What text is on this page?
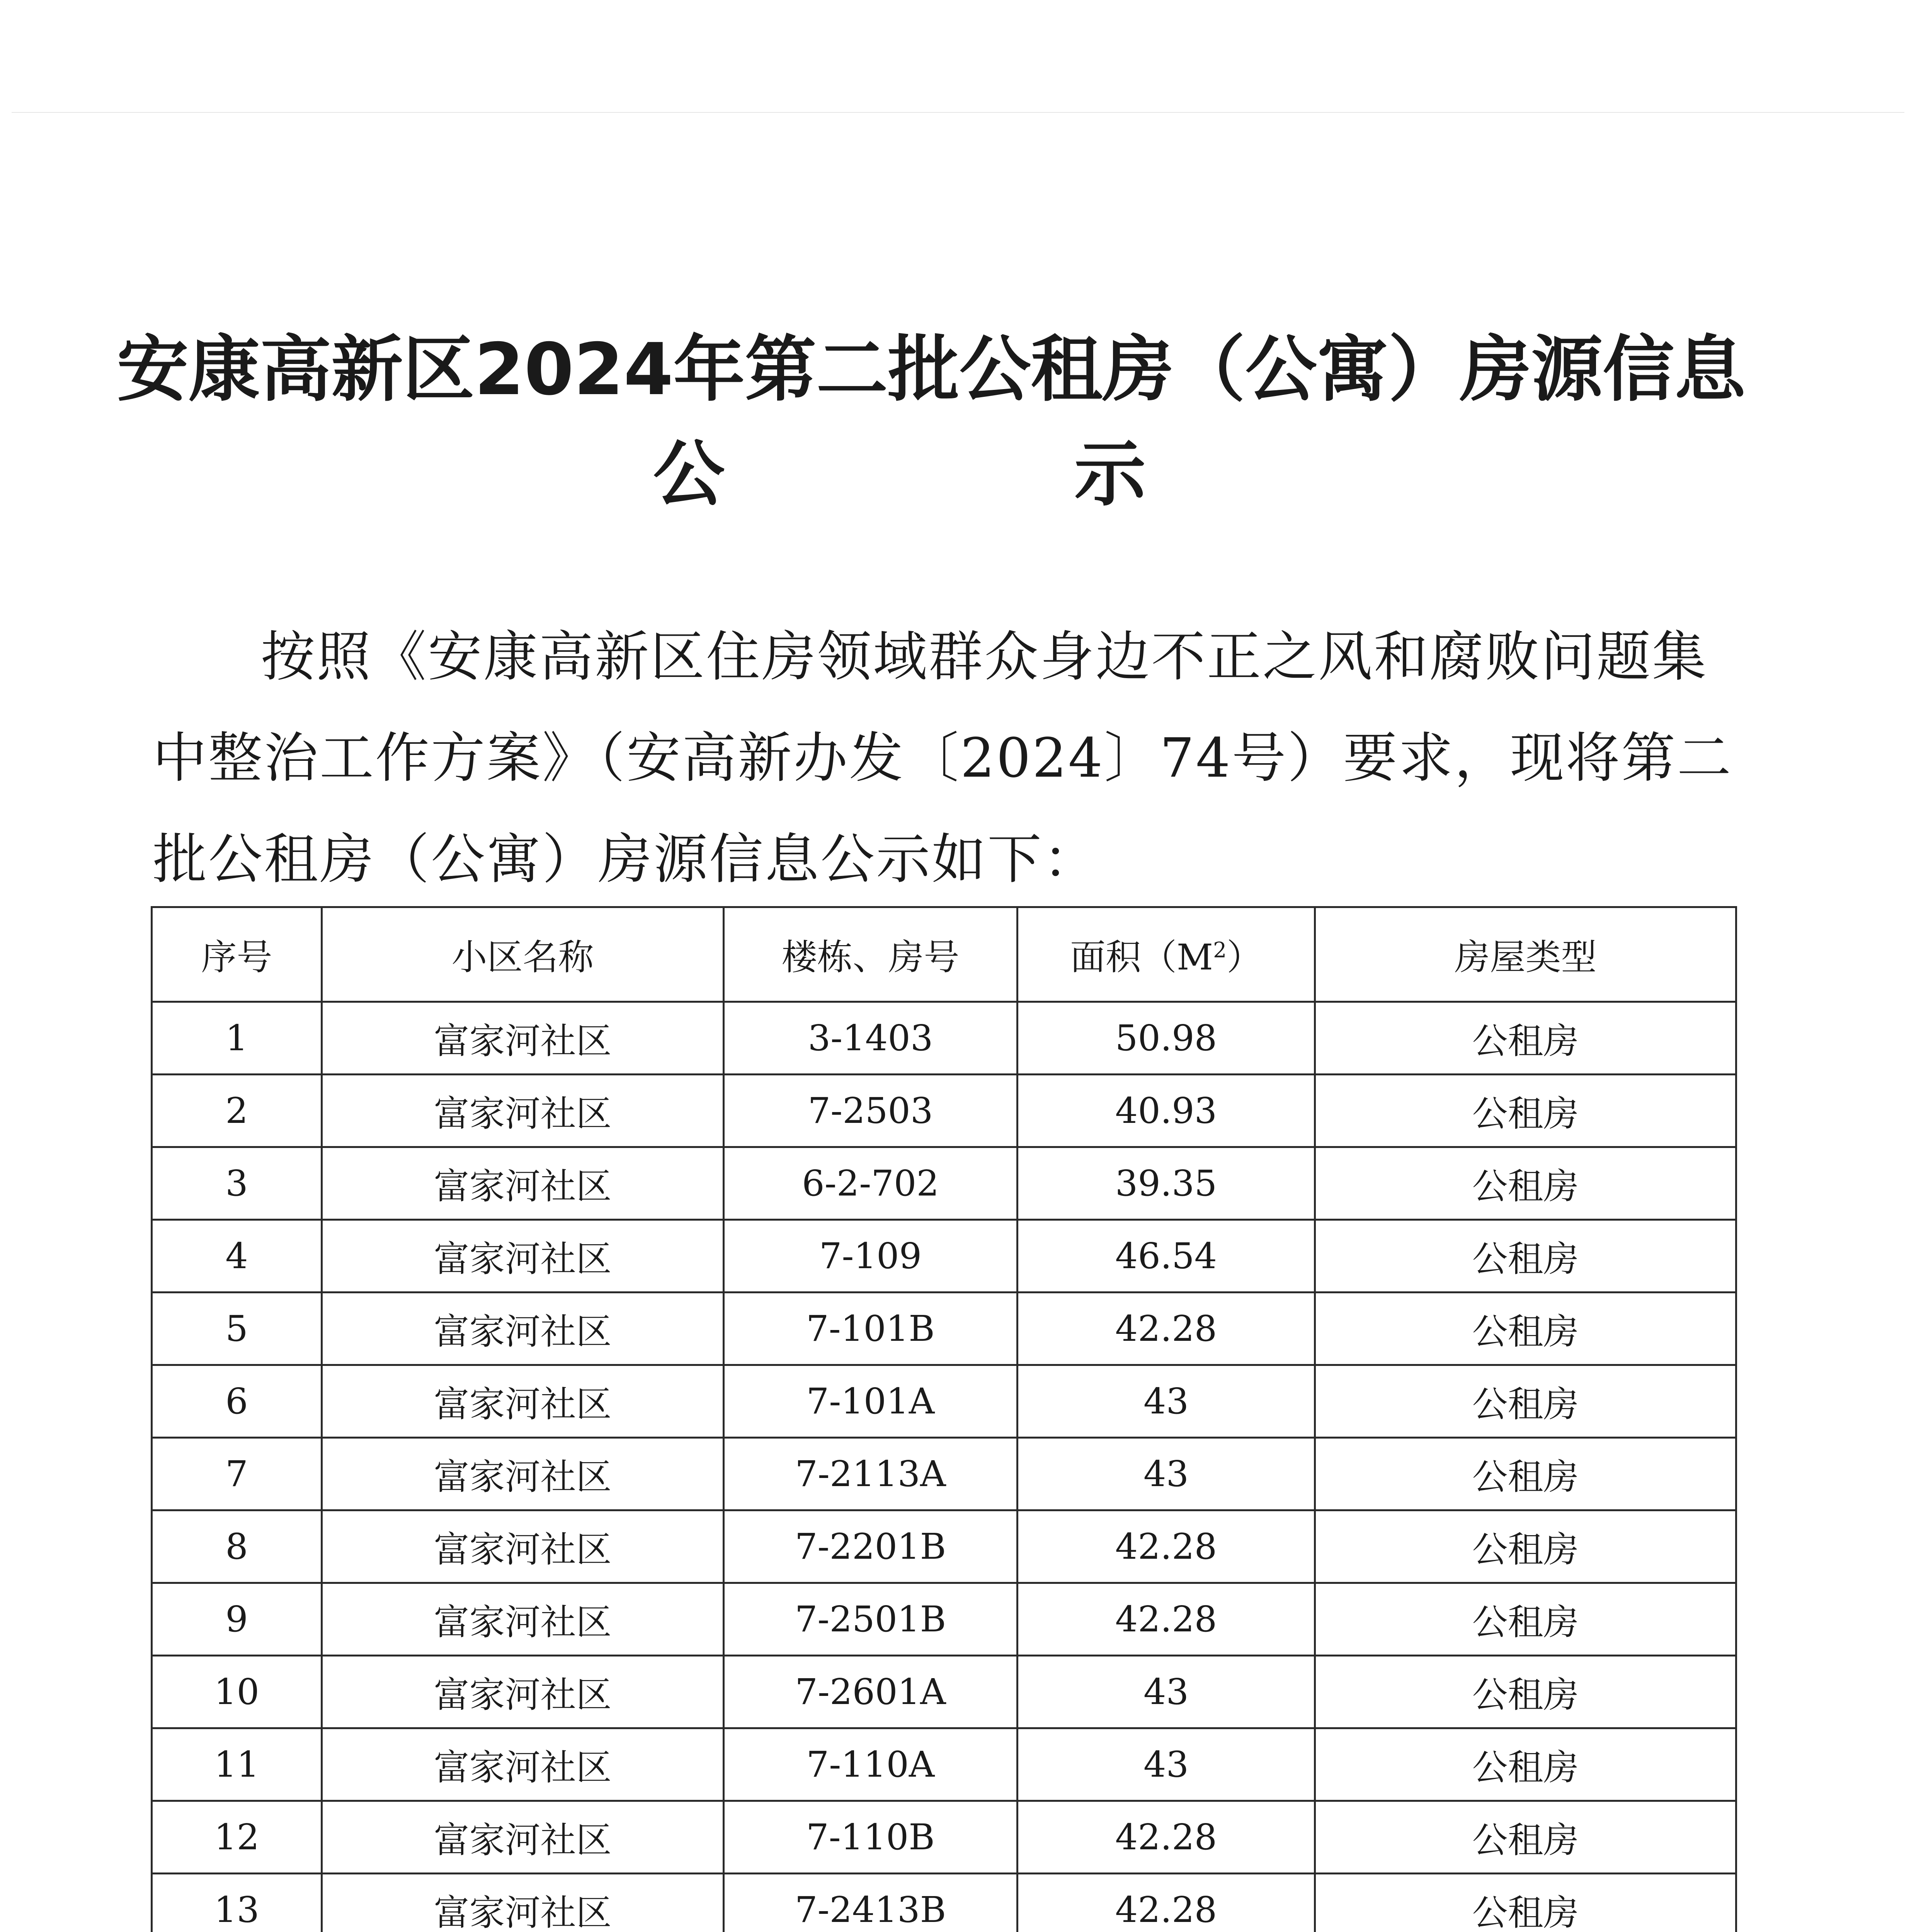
安康高新区2024年第二批公租房（公寓）房源信息
公	示

按照《安康高新区住房领域群众身边不正之风和腐败问题集中整治工作方案》（安高新办发〔2024〕74号）要求，现将第二批公租房（公寓）房源信息公示如下：

序号	小区名称	楼栋、房号	面积$(M^2)$	房屋类型
1	富家河社区	3-1403	50.98	公租房
2	富家河社区	7-2503	40.93	公租房
3	富家河社区	6-2-702	39.35	公租房
4	富家河社区	7-109	46.54	公租房
5	富家河社区	7-101B	42.28	公租房
6	富家河社区	7-101A	43	公租房
7	富家河社区	7-2113A	43	公租房
8	富家河社区	7-2201B	42.28	公租房
9	富家河社区	7-2501B	42.28	公租房
10	富家河社区	7-2601A	43	公租房
11	富家河社区	7-110A	43	公租房
12	富家河社区	7-110B	42.28	公租房
13	富家河社区	7-2413B	42.28	公租房
